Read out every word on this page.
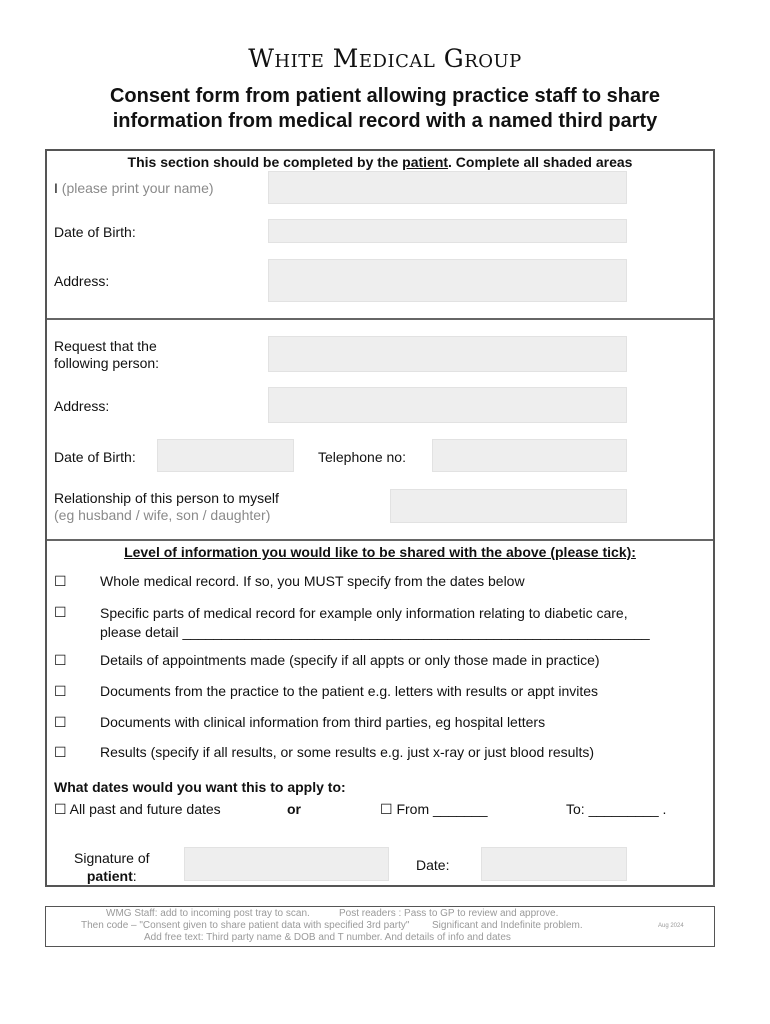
White Medical Group
Consent form from patient allowing practice staff to share
information from medical record with a named third party
This section should be completed by the patient. Complete all shaded areas
I (please print your name)
Date of Birth:
Address:
Request that the
following person:
Address:
Date of Birth:	Telephone no:
Relationship of this person to myself
(eg husband / wife, son / daughter)
Level of information you would like to be shared with the above (please tick):
☐ Whole medical record. If so, you MUST specify from the dates below
☐ Specific parts of medical record for example only information relating to diabetic care,
please detail ____________________________________________________________
☐ Details of appointments made (specify if all appts or only those made in practice)
☐ Documents from the practice to the patient e.g. letters with results or appt invites
☐ Documents with clinical information from third parties, eg hospital letters
☐ Results (specify if all results, or some results e.g. just x-ray or just blood results)
What dates would you want this to apply to:
☐ All past and future dates	or	☐ From _______	To: _________ .
Signature of
patient:
Date:
WMG Staff: add to incoming post tray to scan.	Post readers : Pass to GP to review and approve.
Then code – "Consent given to share patient data with specified 3rd party" Significant and Indefinite problem.
Add free text: Third party name & DOB and T number. And details of info and dates
Aug 2024
